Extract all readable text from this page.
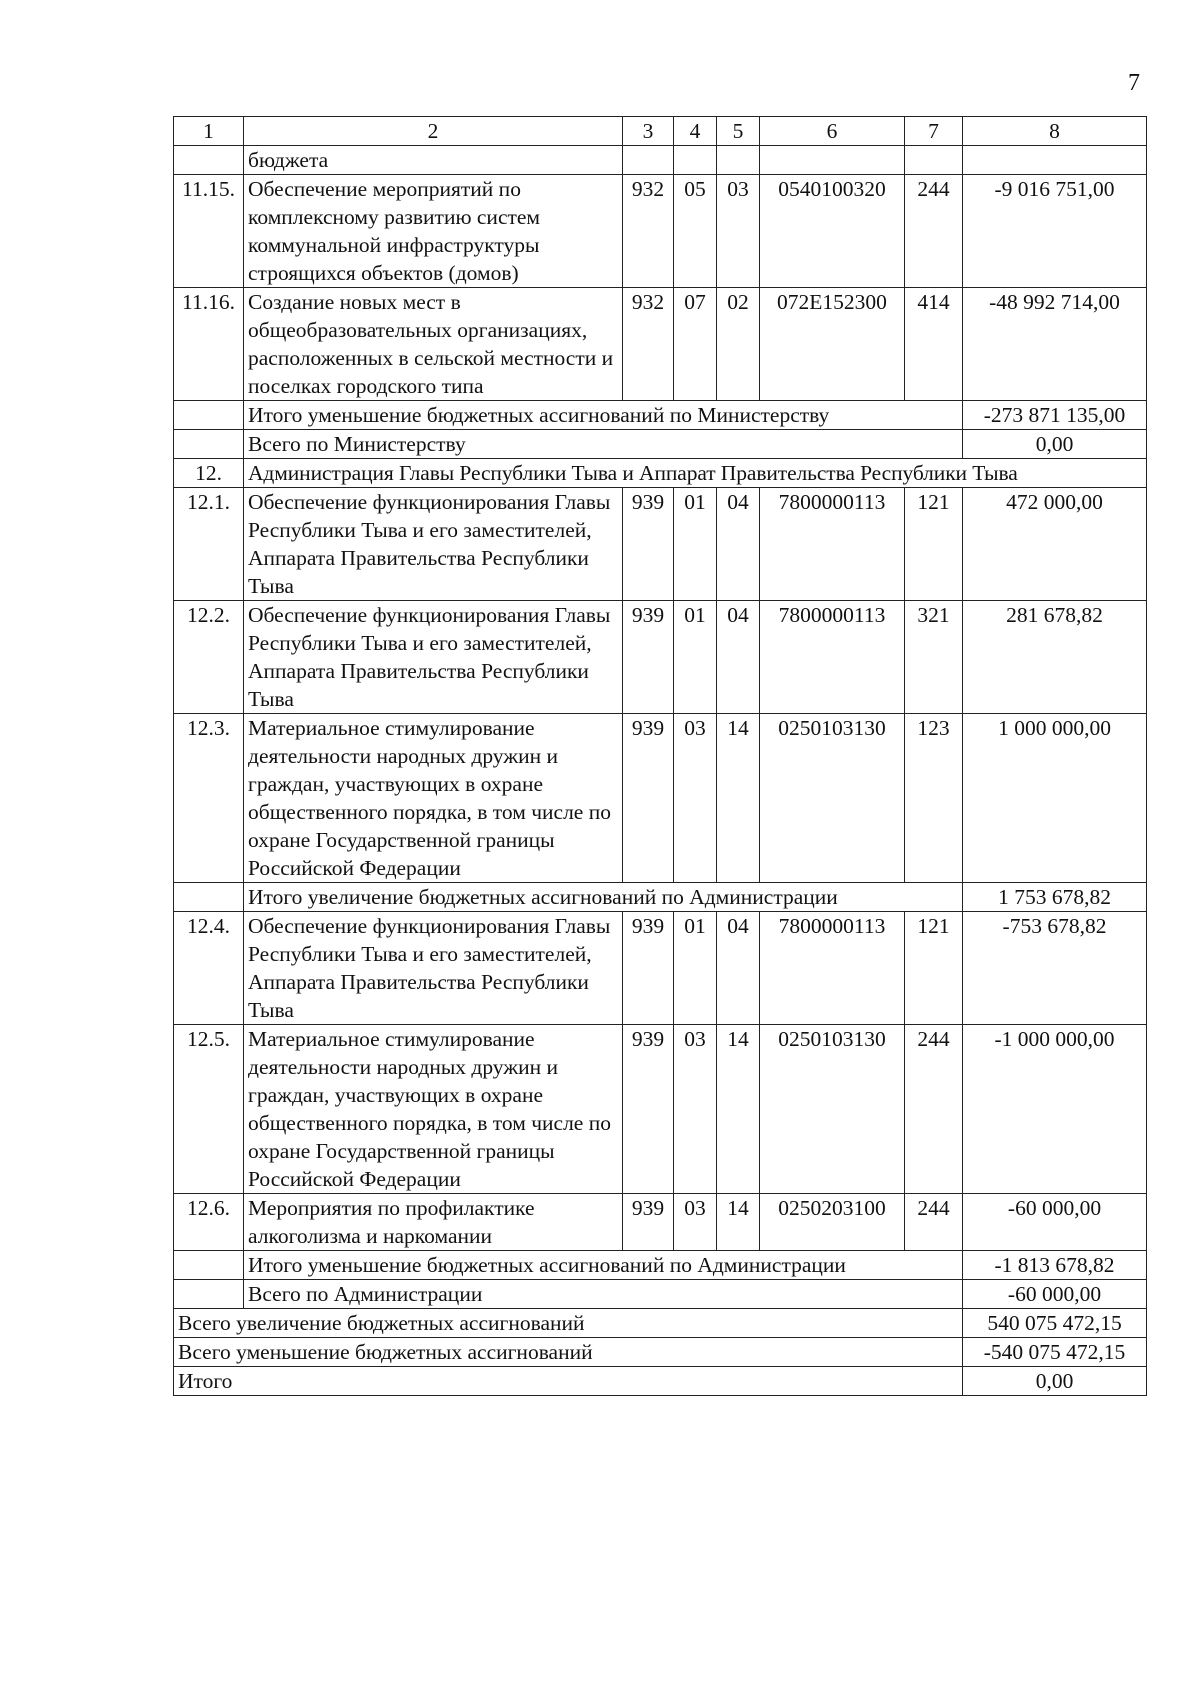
7
1	2	3	4	5	6	7	8
	бюджета						
11.15.	Обеспечение мероприятий по комплексному развитию систем коммунальной инфраструктуры строящихся объектов (домов)	932	05	03	0540100320	244	-9 016 751,00
11.16.	Создание новых мест в общеобразовательных организациях, расположенных в сельской местности и поселках городского типа	932	07	02	072E152300	414	-48 992 714,00
	Итого уменьшение бюджетных ассигнований по Министерству						-273 871 135,00
	Всего по Министерству						0,00
12.	Администрация Главы Республики Тыва и Аппарат Правительства Республики Тыва						
12.1.	Обеспечение функционирования Главы Республики Тыва и его заместителей, Аппарата Правительства Республики Тыва	939	01	04	7800000113	121	472 000,00
12.2.	Обеспечение функционирования Главы Республики Тыва и его заместителей, Аппарата Правительства Республики Тыва	939	01	04	7800000113	321	281 678,82
12.3.	Материальное стимулирование деятельности народных дружин и граждан, участвующих в охране общественного порядка, в том числе по охране Государственной границы Российской Федерации	939	03	14	0250103130	123	1 000 000,00
	Итого увеличение бюджетных ассигнований по Администрации						1 753 678,82
12.4.	Обеспечение функционирования Главы Республики Тыва и его заместителей, Аппарата Правительства Республики Тыва	939	01	04	7800000113	121	-753 678,82
12.5.	Материальное стимулирование деятельности народных дружин и граждан, участвующих в охране общественного порядка, в том числе по охране Государственной границы Российской Федерации	939	03	14	0250103130	244	-1 000 000,00
12.6.	Мероприятия по профилактике алкоголизма и наркомании	939	03	14	0250203100	244	-60 000,00
	Итого уменьшение бюджетных ассигнований по Администрации						-1 813 678,82
	Всего по Администрации						-60 000,00
Всего увеличение бюджетных ассигнований							540 075 472,15
Всего уменьшение бюджетных ассигнований							-540 075 472,15
Итого							0,00
